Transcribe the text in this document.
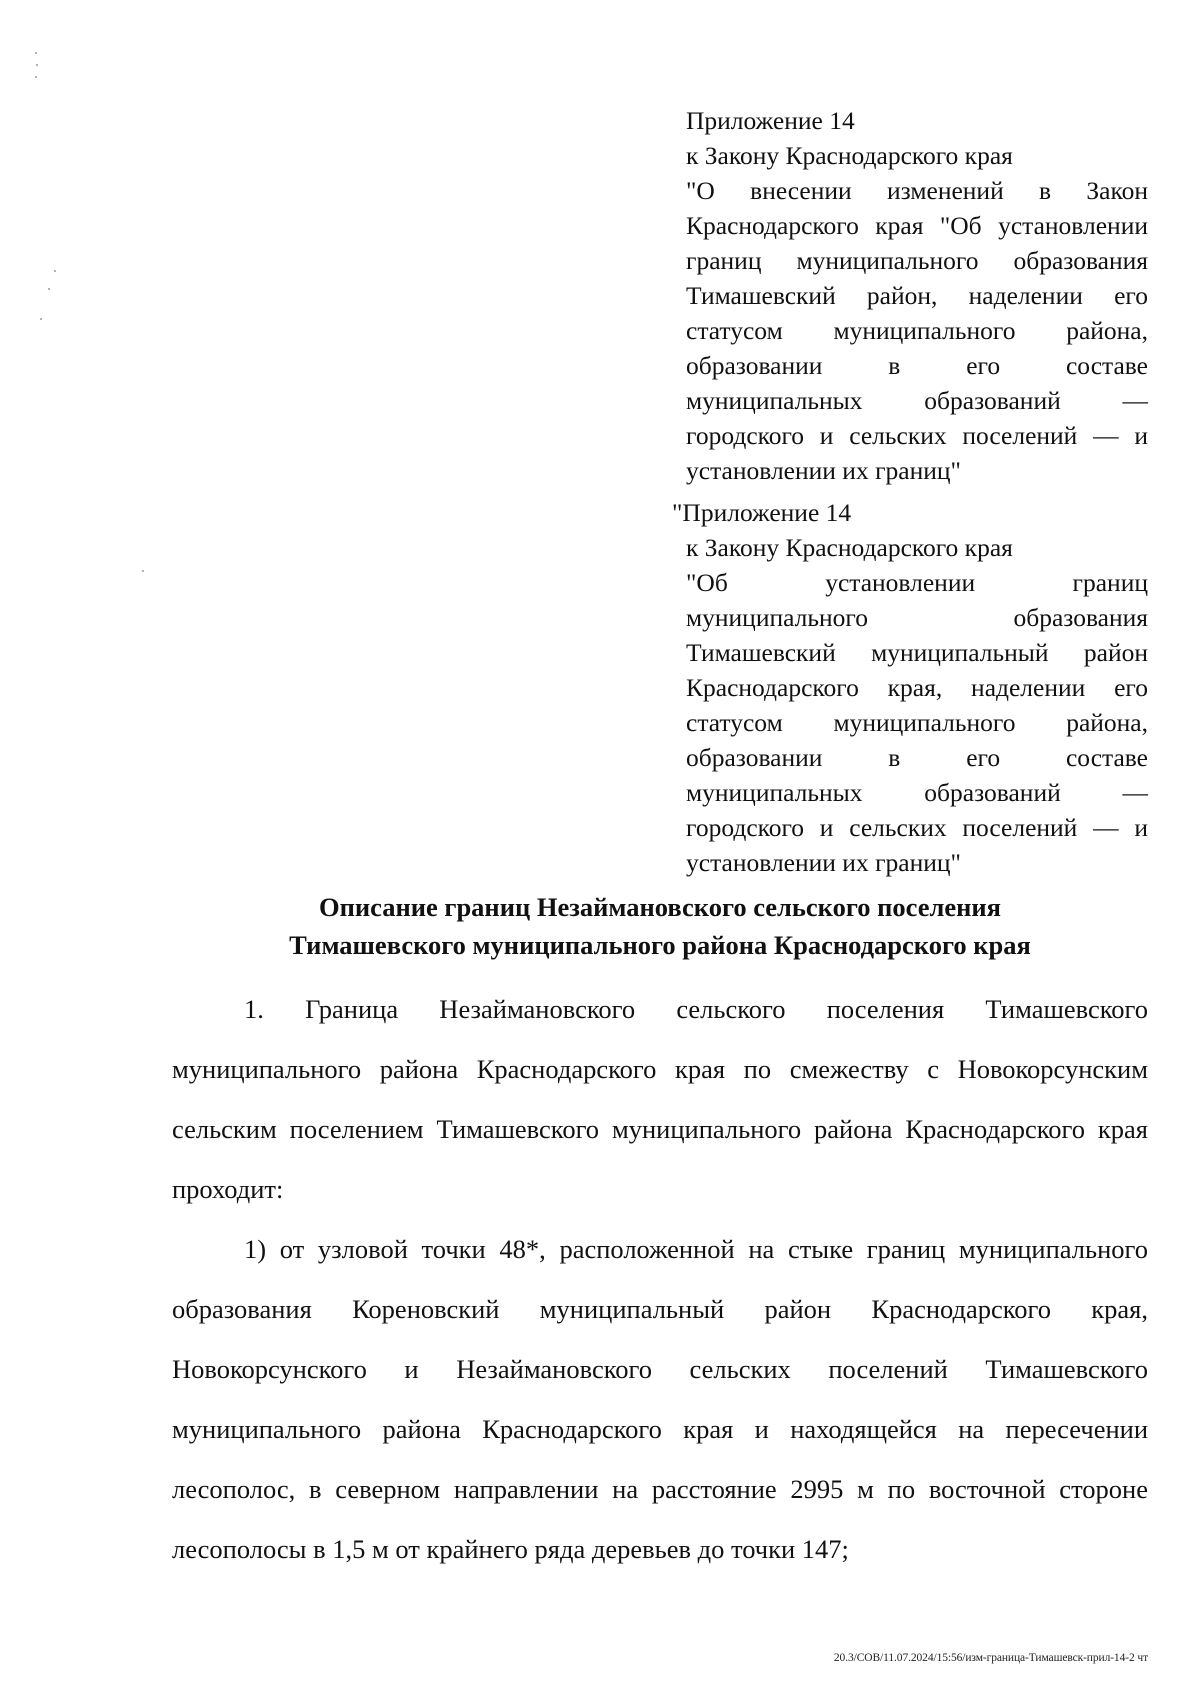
Приложение 14

к Закону Краснодарского края

"О внесении изменений в Закон Краснодарского края "Об установлении границ муниципального образования Тимашевский район, наделении его статусом муниципального района, образовании в его составе муниципальных образований — городского и сельских поселений — и установлении их границ"

"Приложение 14

к Закону Краснодарского края

"Об установлении границ муниципального образования Тимашевский муниципальный район Краснодарского края, наделении его статусом муниципального района, образовании в его составе муниципальных образований — городского и сельских поселений — и установлении их границ"

Описание границ Незаймановского сельского поселения
Тимашевского муниципального района Краснодарского края

1. Граница Незаймановского сельского поселения Тимашевского муниципального района Краснодарского края по смежеству с Новокорсунским сельским поселением Тимашевского муниципального района Краснодарского края проходит:

1) от узловой точки 48*, расположенной на стыке границ муниципального образования Кореновский муниципальный район Краснодарского края, Новокорсунского и Незаймановского сельских поселений Тимашевского муниципального района Краснодарского края и находящейся на пересечении лесополос, в северном направлении на расстояние 2995 м по восточной стороне лесополосы в 1,5 м от крайнего ряда деревьев до точки 147;

20.3/СОВ/11.07.2024/15:56/изм-граница-Тимашевск-прил-14-2 чт
